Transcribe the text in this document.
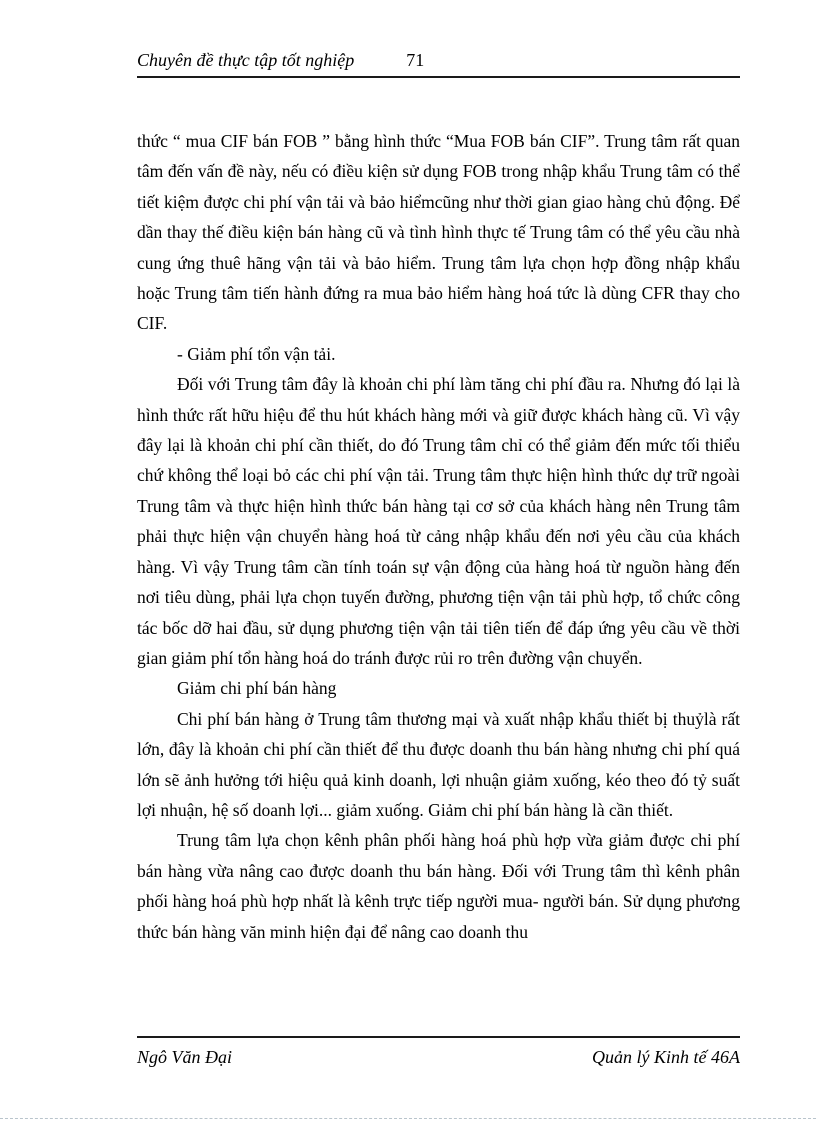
Chuyên đề thực tập tốt nghiệp	71

thức “ mua CIF bán FOB ” bằng hình thức “Mua FOB bán CIF”. Trung tâm rất quan tâm đến vấn đề này, nếu có điều kiện sử dụng FOB trong nhập khẩu Trung tâm có thể tiết kiệm được chi phí vận tải và bảo hiểmcũng như thời gian giao hàng chủ động. Để dần thay thế điều kiện bán hàng cũ và tình hình thực tế Trung tâm có thể yêu cầu nhà cung ứng thuê hãng vận tải và bảo hiểm. Trung tâm lựa chọn hợp đồng nhập khẩu hoặc Trung tâm tiến hành đứng ra mua bảo hiểm hàng hoá tức là dùng CFR thay cho CIF.

- Giảm phí tổn vận tải.

Đối với Trung tâm đây là khoản chi phí làm tăng chi phí đầu ra. Nhưng đó lại là hình thức rất hữu hiệu để thu hút khách hàng mới và giữ được khách hàng cũ. Vì vậy đây lại là khoản chi phí cần thiết, do đó Trung tâm chỉ có thể giảm đến mức tối thiểu chứ không thể loại bỏ các chi phí vận tải. Trung tâm thực hiện hình thức dự trữ ngoài Trung tâm và thực hiện hình thức bán hàng tại cơ sở của khách hàng nên Trung tâm phải thực hiện vận chuyển hàng hoá từ cảng nhập khẩu đến nơi yêu cầu của khách hàng. Vì vậy Trung tâm cần tính toán sự vận động của hàng hoá từ nguồn hàng đến nơi tiêu dùng, phải lựa chọn tuyến đường, phương tiện vận tải phù hợp, tổ chức công tác bốc dỡ hai đầu, sử dụng phương tiện vận tải tiên tiến để đáp ứng yêu cầu về thời gian giảm phí tổn hàng hoá do tránh được rủi ro trên đường vận chuyển.

Giảm chi phí bán hàng

Chi phí bán hàng ở Trung tâm thương mại và xuất nhập khẩu thiết bị thuỷlà rất lớn, đây là khoản chi phí cần thiết để thu được doanh thu bán hàng nhưng chi phí quá lớn sẽ ảnh hưởng tới hiệu quả kinh doanh, lợi nhuận giảm xuống, kéo theo đó tỷ suất lợi nhuận, hệ số doanh lợi... giảm xuống. Giảm chi phí bán hàng là cần thiết.

Trung tâm lựa chọn kênh phân phối hàng hoá phù hợp vừa giảm được chi phí bán hàng vừa nâng cao được doanh thu bán hàng. Đối với Trung tâm thì kênh phân phối hàng hoá phù hợp nhất là kênh trực tiếp người mua- người bán. Sử dụng phương thức bán hàng văn minh hiện đại để nâng cao doanh thu

Ngô Văn Đại	Quản lý Kinh tế 46A
